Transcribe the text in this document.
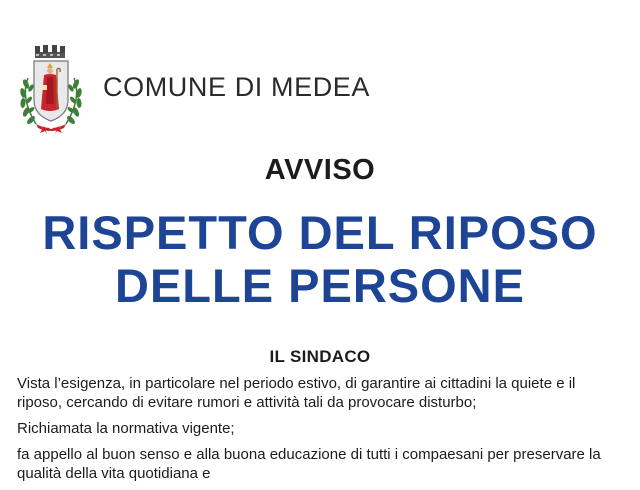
COMUNE DI MEDEA
AVVISO
RISPETTO DEL RIPOSO
DELLE PERSONE
IL SINDACO

Vista l’esigenza, in particolare nel periodo estivo, di garantire ai cittadini la quiete e il riposo, cercando di evitare rumori e attività tali da provocare disturbo;

Richiamata la normativa vigente;

fa appello al buon senso e alla buona educazione di tutti i compaesani per preservare la qualità della vita quotidiana e
